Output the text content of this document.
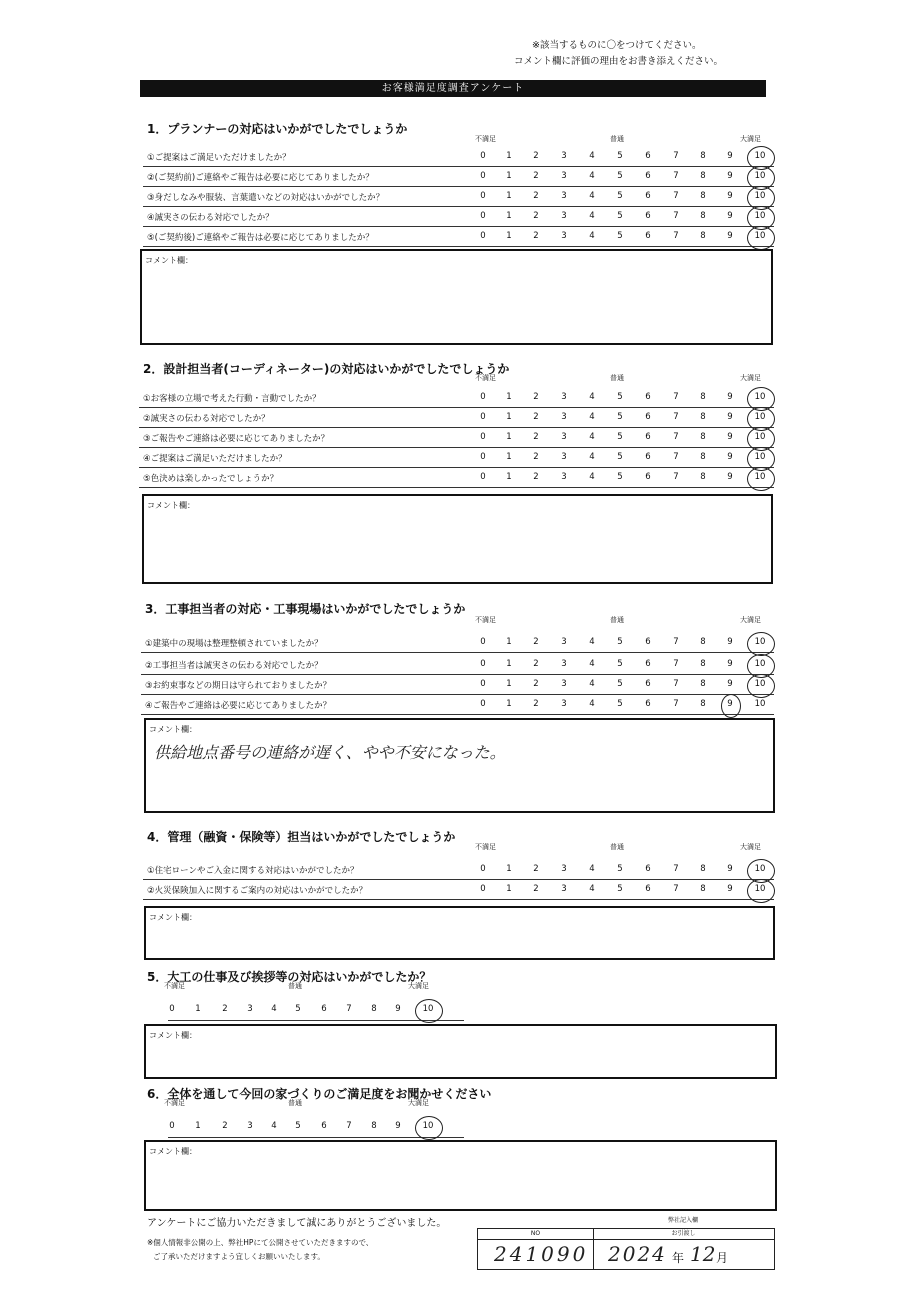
※該当するものに〇をつけてください。
コメント欄に評価の理由をお書き添えください。
お客様満足度調査アンケート
1．プランナーの対応はいかがでしたでしょうか
不満足	普通	大満足
①ご提案はご満足いただけましたか？	0	1	2	3	4	5	6	7	8	9	10
②(ご契約前)ご連絡やご報告は必要に応じてありましたか？	0	1	2	3	4	5	6	7	8	9	10
③身だしなみや服装、言葉遣いなどの対応はいかがでしたか？	0	1	2	3	4	5	6	7	8	9	10
④誠実さの伝わる対応でしたか？	0	1	2	3	4	5	6	7	8	9	10
⑤(ご契約後)ご連絡やご報告は必要に応じてありましたか？	0	1	2	3	4	5	6	7	8	9	10
コメント欄：
2．設計担当者(コーディネーター)の対応はいかがでしたでしょうか
不満足	普通	大満足
①お客様の立場で考えた行動・言動でしたか？	0	1	2	3	4	5	6	7	8	9	10
②誠実さの伝わる対応でしたか？	0	1	2	3	4	5	6	7	8	9	10
③ご報告やご連絡は必要に応じてありましたか？	0	1	2	3	4	5	6	7	8	9	10
④ご提案はご満足いただけましたか？	0	1	2	3	4	5	6	7	8	9	10
⑤色決めは楽しかったでしょうか？	0	1	2	3	4	5	6	7	8	9	10
コメント欄：
3．工事担当者の対応・工事現場はいかがでしたでしょうか
不満足	普通	大満足
①建築中の現場は整理整頓されていましたか？	0	1	2	3	4	5	6	7	8	9	10
②工事担当者は誠実さの伝わる対応でしたか？	0	1	2	3	4	5	6	7	8	9	10
③お約束事などの期日は守られておりましたか？	0	1	2	3	4	5	6	7	8	9	10
④ご報告やご連絡は必要に応じてありましたか？	0	1	2	3	4	5	6	7	8	9	10
コメント欄：
供給地点番号の連絡が遅く、やや不安になった。
4．管理（融資・保険等）担当はいかがでしたでしょうか
不満足	普通	大満足
①住宅ローンやご入金に関する対応はいかがでしたか？	0	1	2	3	4	5	6	7	8	9	10
②火災保険加入に関するご案内の対応はいかがでしたか？	0	1	2	3	4	5	6	7	8	9	10
コメント欄：
5．大工の仕事及び挨拶等の対応はいかがでしたか？
不満足	普通	大満足
0	1	2	3	4	5	6	7	8	9	10
コメント欄：
6．全体を通して今回の家づくりのご満足度をお聞かせください
不満足	普通	大満足
0	1	2	3	4	5	6	7	8	9	10
コメント欄：
アンケートにご協力いただきまして誠にありがとうございました。
※個人情報非公開の上、弊社HPにて公開させていただきますので、
ご了承いただけますよう宜しくお願いいたします。
弊社記入欄
NO	お引渡し
241090 2024 年 12 月
